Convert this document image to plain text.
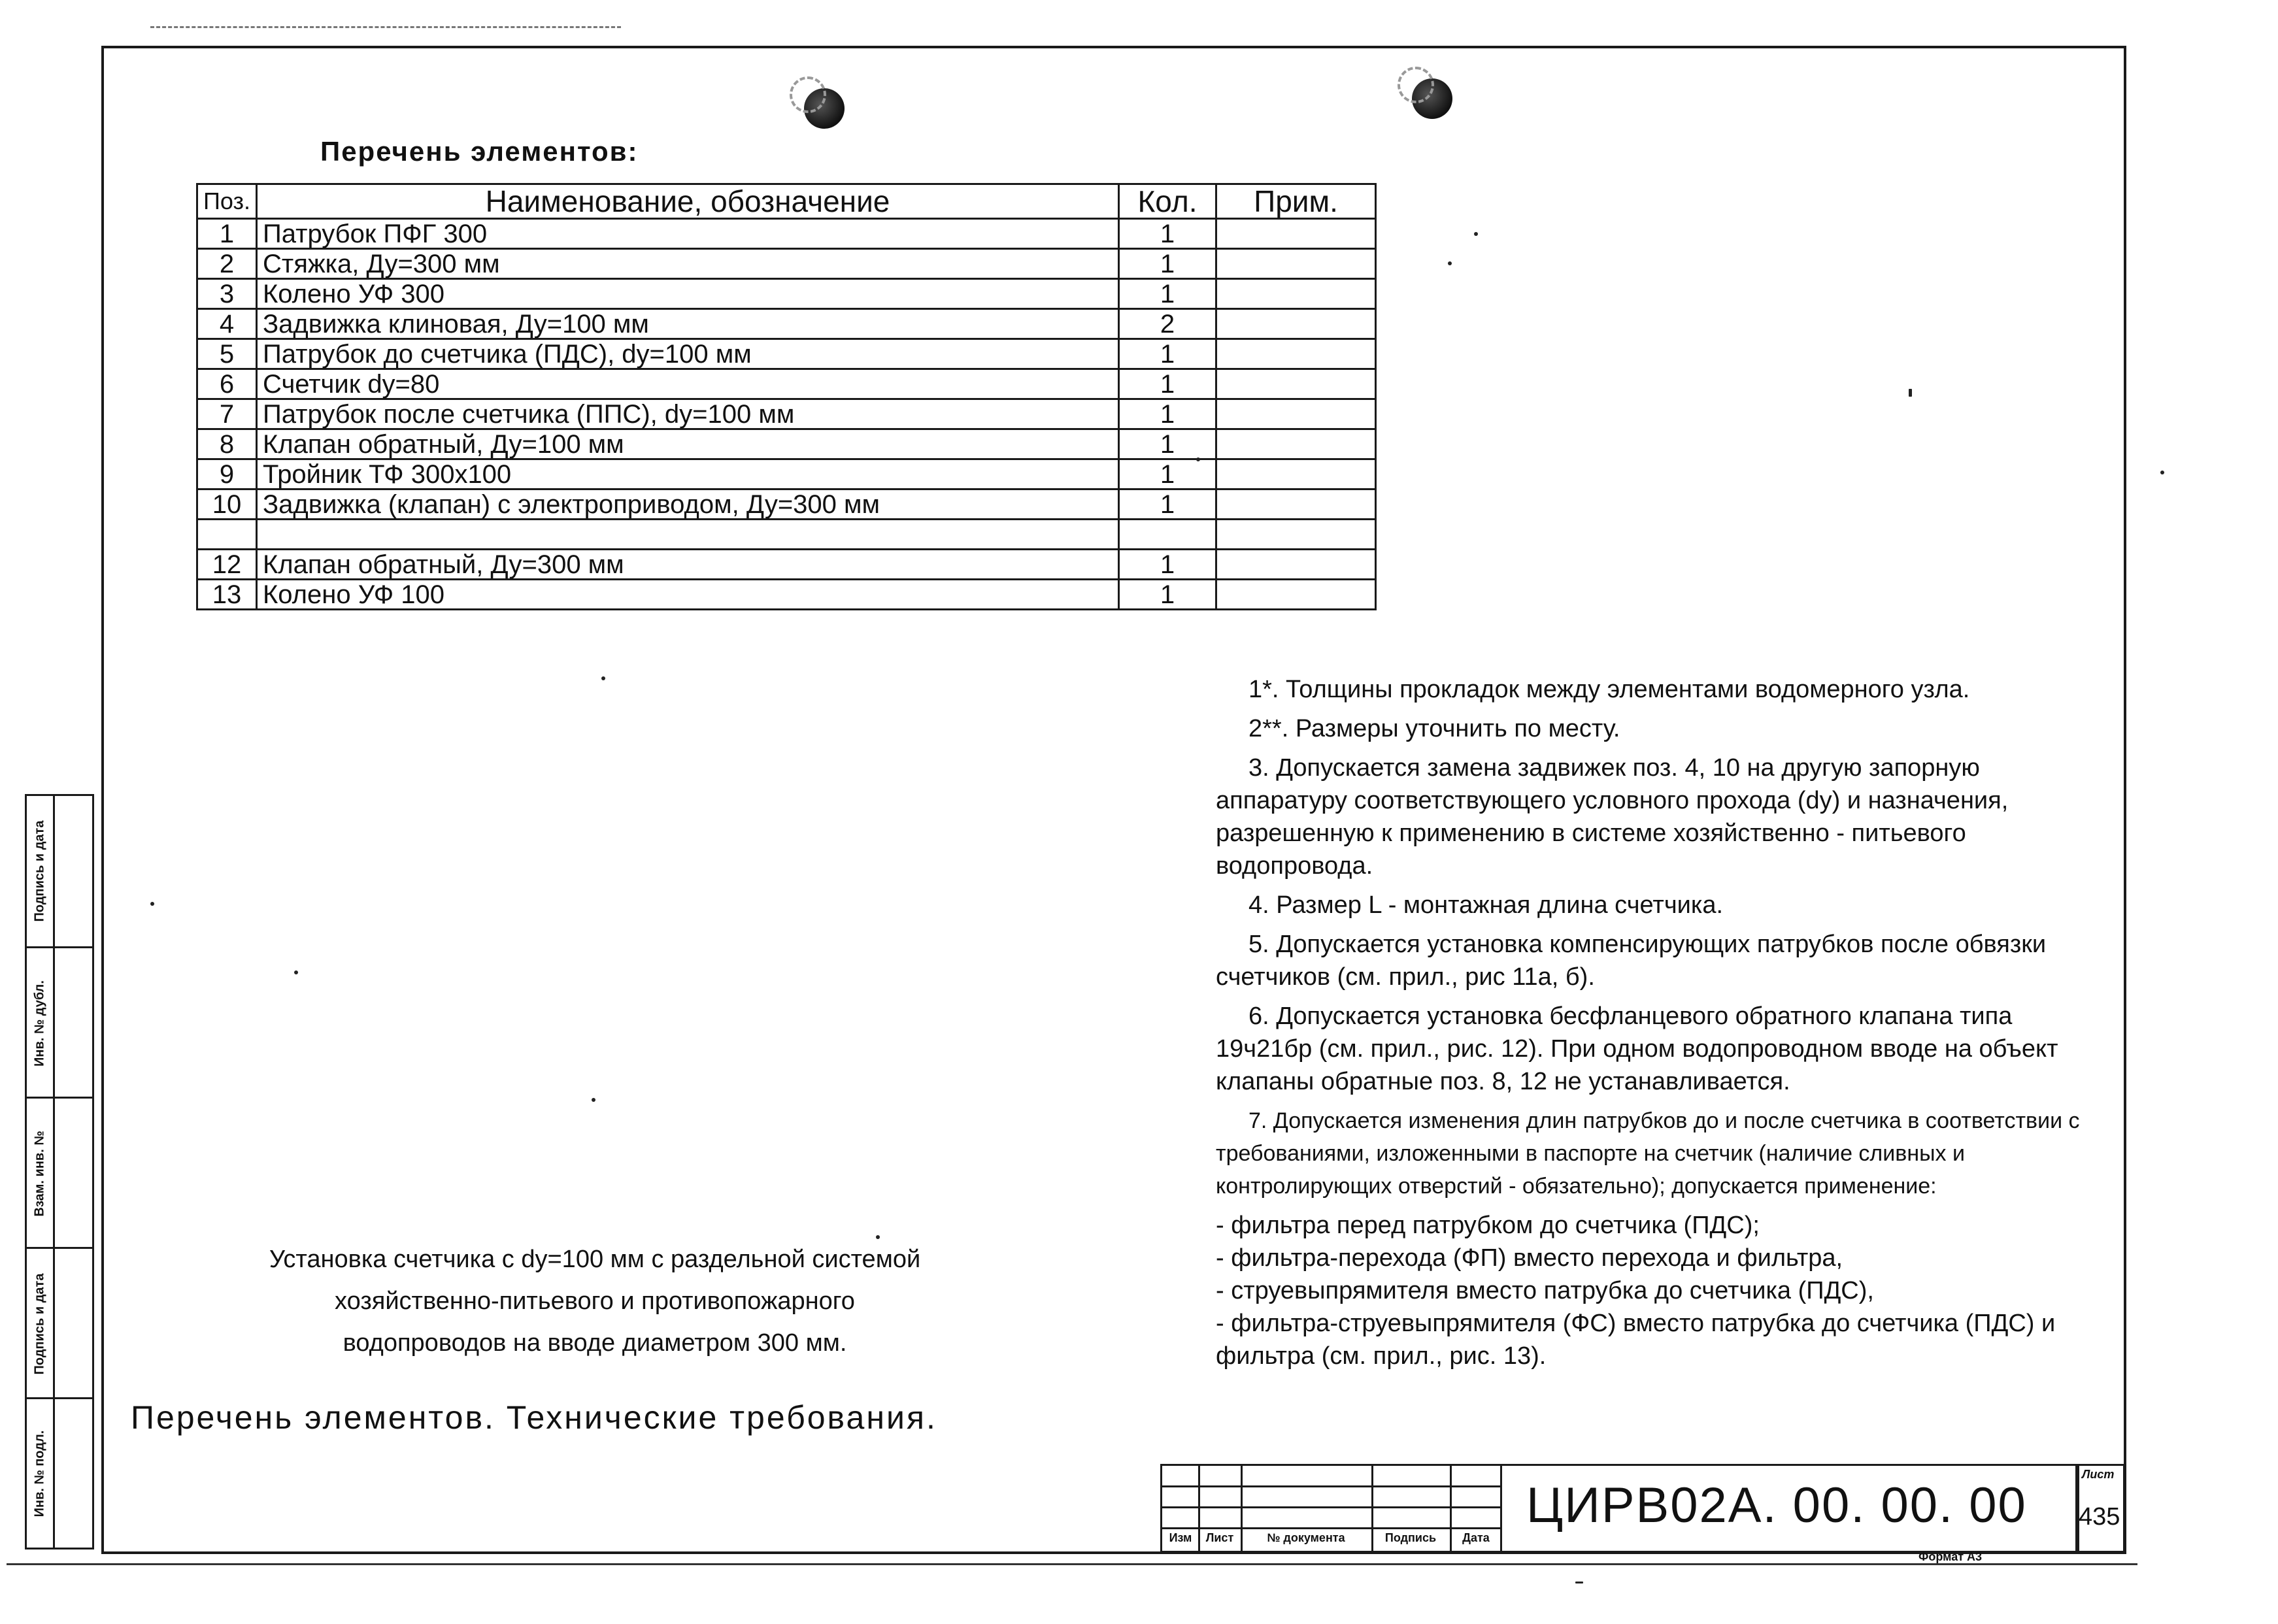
Перечень элементов:
Поз.	Наименование, обозначение	Кол.	Прим.
1	Патрубок ПФГ 300	1	
2	Стяжка, Ду=300 мм	1	
3	Колено УФ 300	1	
4	Задвижка клиновая, Ду=100 мм	2	
5	Патрубок до счетчика (ПДС), dy=100 мм	1	
6	Счетчик dy=80	1	
7	Патрубок после счетчика (ППС), dy=100 мм	1	
8	Клапан обратный, Ду=100 мм	1	
9	Тройник ТФ 300х100	1	
10	Задвижка (клапан) с электроприводом, Ду=300 мм	1	

12	Клапан обратный, Ду=300 мм	1	
13	Колено УФ 100	1	

1*. Толщины прокладок между элементами водомерного узла.

2**. Размеры уточнить по месту.

3. Допускается замена задвижек поз. 4, 10 на другую запорную аппаратуру соответствующего условного прохода (dy) и назначения, разрешенную к применению в системе хозяйственно - питьевого водопровода.

4. Размер L - монтажная длина счетчика.

5. Допускается установка компенсирующих патрубков после обвязки счетчиков (см. прил., рис 11а, б).

6. Допускается установка бесфланцевого обратного клапана типа 19ч21бр (см. прил., рис. 12). При одном водопроводном вводе на объект клапаны обратные поз. 8, 12 не устанавливается.

7. Допускается изменения длин патрубков до и после счетчика в соответствии с требованиями, изложенными в паспорте на счетчик (наличие сливных и контролирующих отверстий - обязательно); допускается применение:

- фильтра перед патрубком до счетчика (ПДС);
- фильтра-перехода (ФП) вместо перехода и фильтра,
- струевыпрямителя вместо патрубка до счетчика (ПДС),
- фильтра-струевыпрямителя (ФС) вместо патрубка до счетчика (ПДС) и фильтра (см. прил., рис. 13).
Установка счетчика с dy=100 мм с раздельной системой
хозяйственно-питьевого и противопожарного
водопроводов на вводе диаметром 300 мм.
Перечень элементов. Технические требования.
Подпись и дата
Инв. № дубл.
Взам. инв. №
Подпись и дата
Инв. № подл.
Изм	Лист	№ документа	Подпись	Дата
ЦИРВ02А. 00. 00. 00
Лист
435
Формат А3
